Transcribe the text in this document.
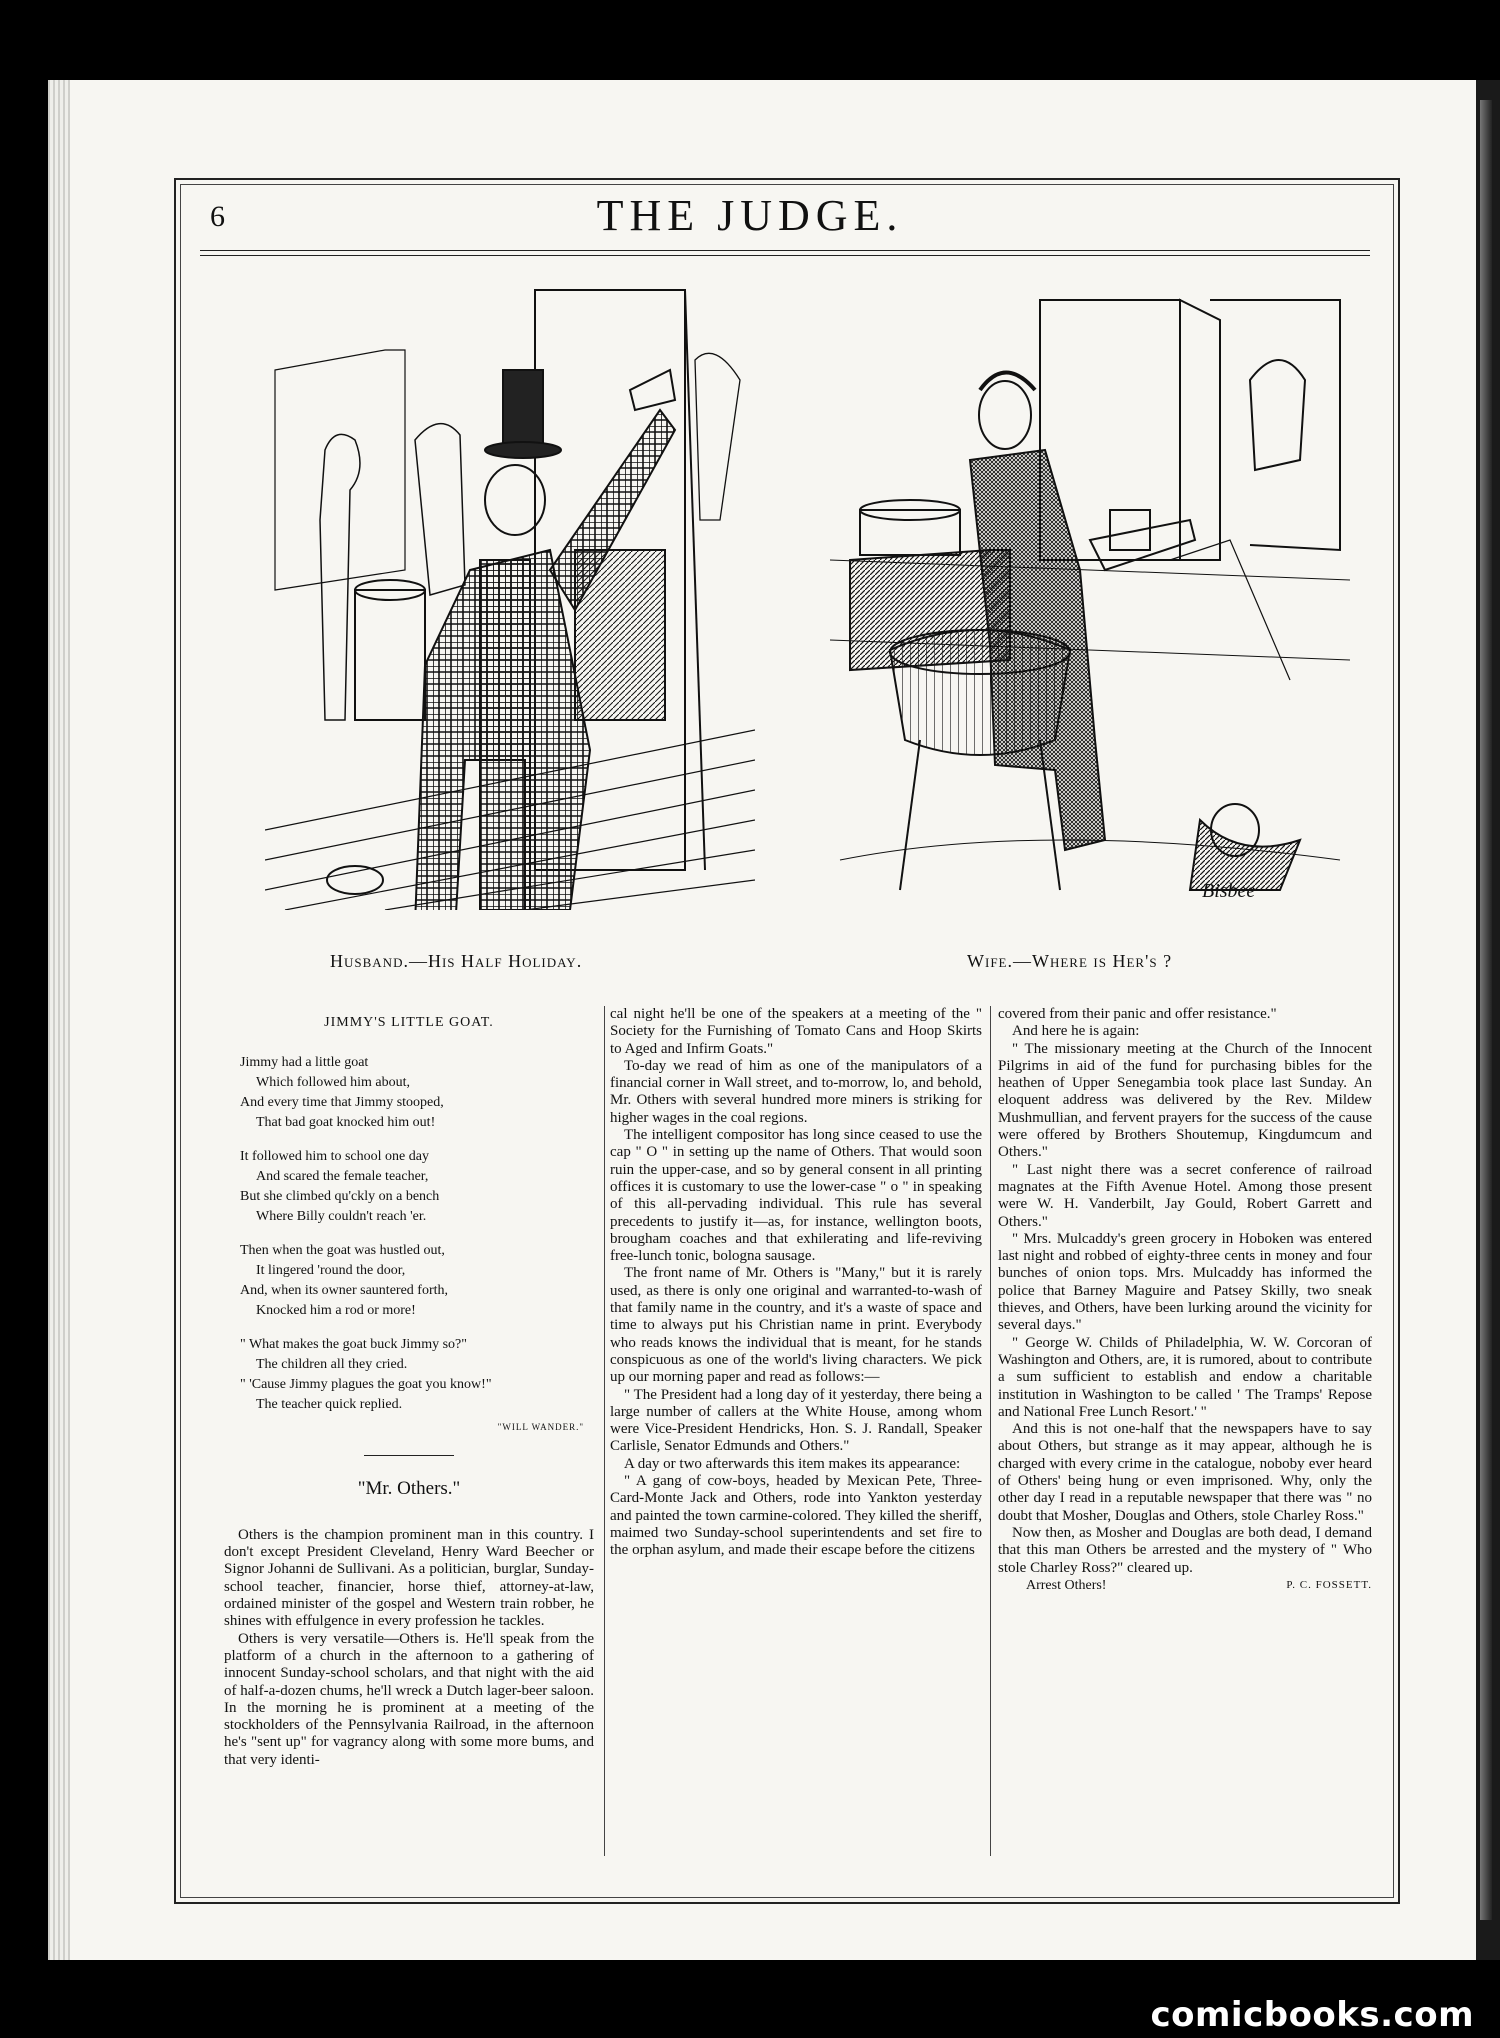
6	THE JUDGE.
Bisbee
Husband.—His Half Holiday.	Wife.—Where is Her's ?
JIMMY'S LITTLE GOAT.
Jimmy had a little goat
Which followed him about,
And every time that Jimmy stooped,
That bad goat knocked him out!
It followed him to school one day
And scared the female teacher,
But she climbed qu'ckly on a bench
Where Billy couldn't reach 'er.
Then when the goat was hustled out,
It lingered 'round the door,
And, when its owner sauntered forth,
Knocked him a rod or more!
" What makes the goat buck Jimmy so?"
The children all they cried.
" 'Cause Jimmy plagues the goat you know!"
The teacher quick replied.
"WILL WANDER."
"Mr. Others."

Others is the champion prominent man in this country. I don't except President Cleveland, Henry Ward Beecher or Signor Johanni de Sullivani. As a politician, burglar, Sunday-school teacher, financier, horse thief, attorney-at-law, ordained minister of the gospel and Western train robber, he shines with effulgence in every profession he tackles.

Others is very versatile—Others is. He'll speak from the platform of a church in the afternoon to a gathering of innocent Sunday-school scholars, and that night with the aid of half-a-dozen chums, he'll wreck a Dutch lager-beer saloon. In the morning he is prominent at a meeting of the stockholders of the Pennsylvania Railroad, in the afternoon he's "sent up" for vagrancy along with some more bums, and that very identi-

cal night he'll be one of the speakers at a meeting of the " Society for the Furnishing of Tomato Cans and Hoop Skirts to Aged and Infirm Goats."

To-day we read of him as one of the manipulators of a financial corner in Wall street, and to-morrow, lo, and behold, Mr. Others with several hundred more miners is striking for higher wages in the coal regions.

The intelligent compositor has long since ceased to use the cap " O " in setting up the name of Others. That would soon ruin the upper-case, and so by general consent in all printing offices it is customary to use the lower-case " o " in speaking of this all-pervading individual. This rule has several precedents to justify it—as, for instance, wellington boots, brougham coaches and that exhilerating and life-reviving free-lunch tonic, bologna sausage.

The front name of Mr. Others is "Many," but it is rarely used, as there is only one original and warranted-to-wash of that family name in the country, and it's a waste of space and time to always put his Christian name in print. Everybody who reads knows the individual that is meant, for he stands conspicuous as one of the world's living characters. We pick up our morning paper and read as follows:—

" The President had a long day of it yesterday, there being a large number of callers at the White House, among whom were Vice-President Hendricks, Hon. S. J. Randall, Speaker Carlisle, Senator Edmunds and Others."

A day or two afterwards this item makes its appearance:

" A gang of cow-boys, headed by Mexican Pete, Three-Card-Monte Jack and Others, rode into Yankton yesterday and painted the town carmine-colored. They killed the sheriff, maimed two Sunday-school superintendents and set fire to the orphan asylum, and made their escape before the citizens

covered from their panic and offer resistance."

And here he is again:

" The missionary meeting at the Church of the Innocent Pilgrims in aid of the fund for purchasing bibles for the heathen of Upper Senegambia took place last Sunday. An eloquent address was delivered by the Rev. Mildew Mushmullian, and fervent prayers for the success of the cause were offered by Brothers Shoutemup, Kingdumcum and Others."

" Last night there was a secret conference of railroad magnates at the Fifth Avenue Hotel. Among those present were W. H. Vanderbilt, Jay Gould, Robert Garrett and Others."

" Mrs. Mulcaddy's green grocery in Hoboken was entered last night and robbed of eighty-three cents in money and four bunches of onion tops. Mrs. Mulcaddy has informed the police that Barney Maguire and Patsey Skilly, two sneak thieves, and Others, have been lurking around the vicinity for several days."

" George W. Childs of Philadelphia, W. W. Corcoran of Washington and Others, are, it is rumored, about to contribute a sum sufficient to establish and endow a charitable institution in Washington to be called ' The Tramps' Repose and National Free Lunch Resort.' "

And this is not one-half that the newspapers have to say about Others, but strange as it may appear, although he is charged with every crime in the catalogue, noboby ever heard of Others' being hung or even imprisoned. Why, only the other day I read in a reputable newspaper that there was " no doubt that Mosher, Douglas and Others, stole Charley Ross."

Now then, as Mosher and Douglas are both dead, I demand that this man Others be arrested and the mystery of " Who stole Charley Ross?" cleared up.

Arrest Others!	P. C. FOSSETT.
comicbooks.com
